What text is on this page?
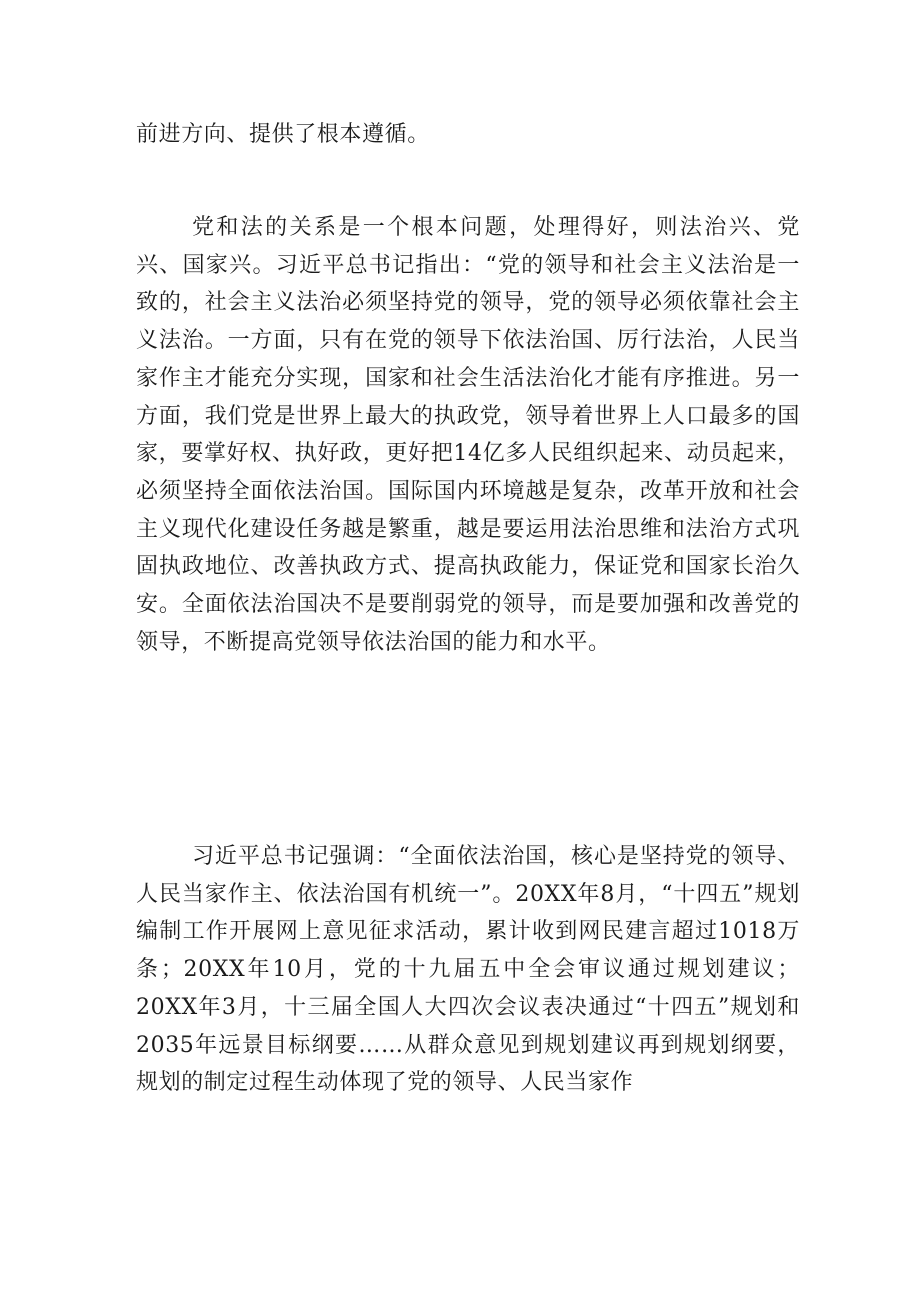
前进方向、提供了根本遵循。

党和法的关系是一个根本问题，处理得好，则法治兴、党兴、国家兴。习近平总书记指出：“党的领导和社会主义法治是一致的，社会主义法治必须坚持党的领导，党的领导必须依靠社会主义法治。一方面，只有在党的领导下依法治国、厉行法治，人民当家作主才能充分实现，国家和社会生活法治化才能有序推进。另一方面，我们党是世界上最大的执政党，领导着世界上人口最多的国家，要掌好权、执好政，更好把14亿多人民组织起来、动员起来，必须坚持全面依法治国。国际国内环境越是复杂，改革开放和社会主义现代化建设任务越是繁重，越是要运用法治思维和法治方式巩固执政地位、改善执政方式、提高执政能力，保证党和国家长治久安。全面依法治国决不是要削弱党的领导，而是要加强和改善党的领导，不断提高党领导依法治国的能力和水平。

习近平总书记强调：“全面依法治国，核心是坚持党的领导、人民当家作主、依法治国有机统一”。20XX年8月，“十四五”规划编制工作开展网上意见征求活动，累计收到网民建言超过1018万条；20XX年10月，党的十九届五中全会审议通过规划建议；20XX年3月，十三届全国人大四次会议表决通过“十四五”规划和2035年远景目标纲要……从群众意见到规划建议再到规划纲要，规划的制定过程生动体现了党的领导、人民当家作
